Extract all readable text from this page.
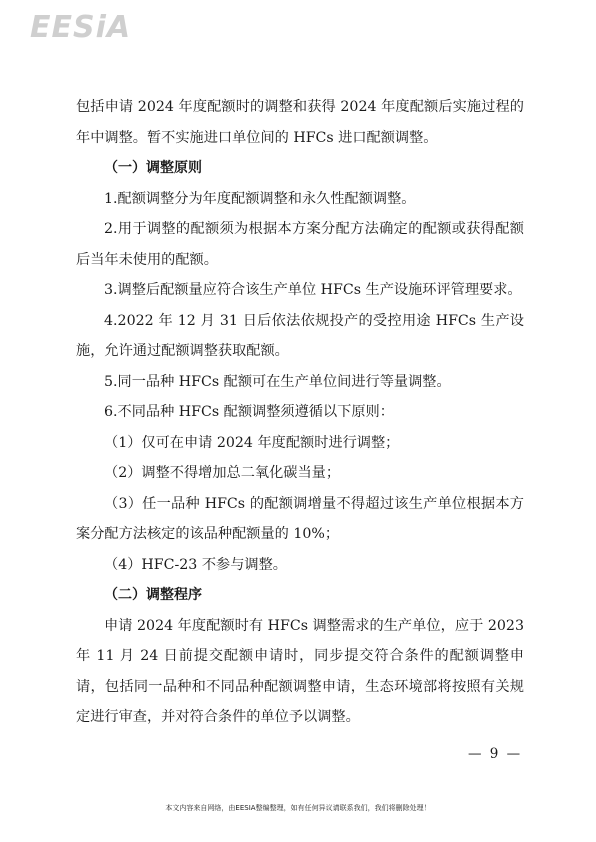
EESiA

包括申请 2024 年度配额时的调整和获得 2024 年度配额后实施过程的年中调整。暂不实施进口单位间的 HFCs 进口配额调整。

（一）调整原则

1.配额调整分为年度配额调整和永久性配额调整。

2.用于调整的配额须为根据本方案分配方法确定的配额或获得配额后当年未使用的配额。

3.调整后配额量应符合该生产单位 HFCs 生产设施环评管理要求。

4.2022 年 12 月 31 日后依法依规投产的受控用途 HFCs 生产设施，允许通过配额调整获取配额。

5.同一品种 HFCs 配额可在生产单位间进行等量调整。

6.不同品种 HFCs 配额调整须遵循以下原则：

（1）仅可在申请 2024 年度配额时进行调整；

（2）调整不得增加总二氧化碳当量；

（3）任一品种 HFCs 的配额调增量不得超过该生产单位根据本方案分配方法核定的该品种配额量的 10%；

（4）HFC-23 不参与调整。

（二）调整程序

申请 2024 年度配额时有 HFCs 调整需求的生产单位，应于 2023 年 11 月 24 日前提交配额申请时，同步提交符合条件的配额调整申请，包括同一品种和不同品种配额调整申请，生态环境部将按照有关规定进行审查，并对符合条件的单位予以调整。

— 9 —
本文内容来自网络，由EESIA整编整理，如有任何异议请联系我们，我们将删除处理！
